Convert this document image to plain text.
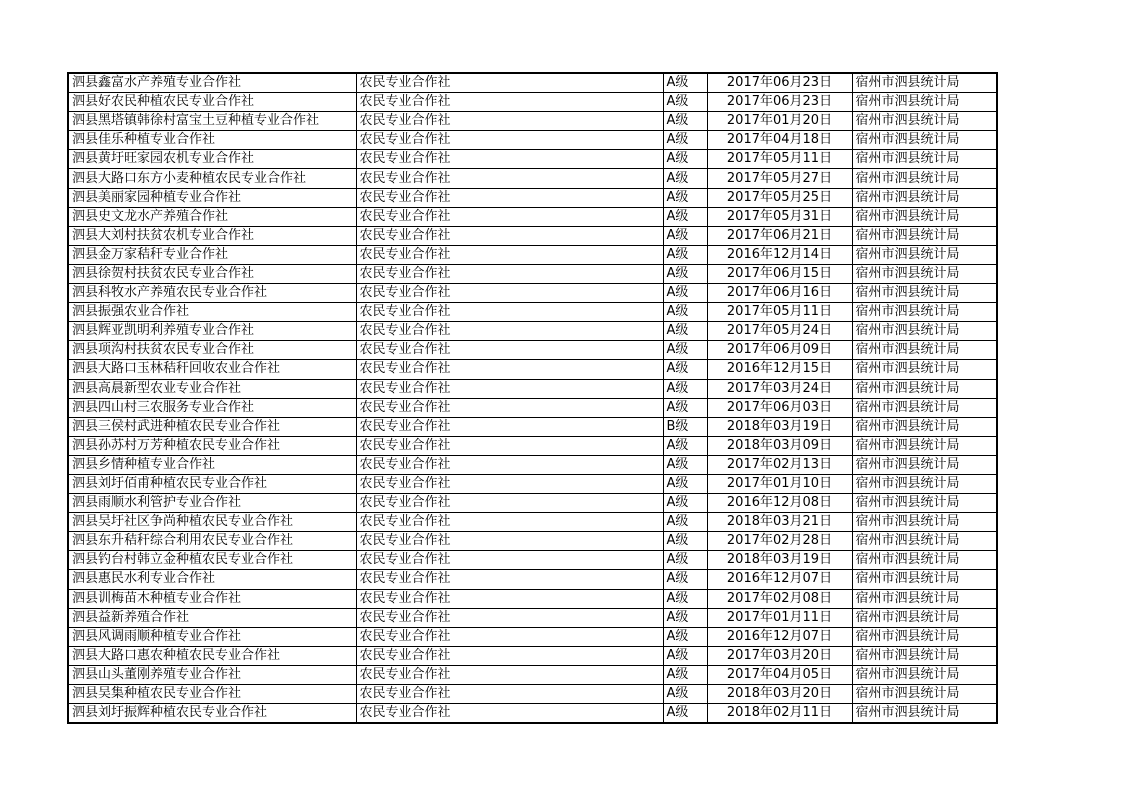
泗县鑫富水产养殖专业合作社	农民专业合作社	A级	2017年06月23日	宿州市泗县统计局
泗县好农民种植农民专业合作社	农民专业合作社	A级	2017年06月23日	宿州市泗县统计局
泗县黑塔镇韩徐村富宝土豆种植专业合作社	农民专业合作社	A级	2017年01月20日	宿州市泗县统计局
泗县佳乐种植专业合作社	农民专业合作社	A级	2017年04月18日	宿州市泗县统计局
泗县黄圩旺家园农机专业合作社	农民专业合作社	A级	2017年05月11日	宿州市泗县统计局
泗县大路口东方小麦种植农民专业合作社	农民专业合作社	A级	2017年05月27日	宿州市泗县统计局
泗县美丽家园种植专业合作社	农民专业合作社	A级	2017年05月25日	宿州市泗县统计局
泗县史文龙水产养殖合作社	农民专业合作社	A级	2017年05月31日	宿州市泗县统计局
泗县大刘村扶贫农机专业合作社	农民专业合作社	A级	2017年06月21日	宿州市泗县统计局
泗县金万家秸秆专业合作社	农民专业合作社	A级	2016年12月14日	宿州市泗县统计局
泗县徐贺村扶贫农民专业合作社	农民专业合作社	A级	2017年06月15日	宿州市泗县统计局
泗县科牧水产养殖农民专业合作社	农民专业合作社	A级	2017年06月16日	宿州市泗县统计局
泗县振强农业合作社	农民专业合作社	A级	2017年05月11日	宿州市泗县统计局
泗县辉亚凯明利养殖专业合作社	农民专业合作社	A级	2017年05月24日	宿州市泗县统计局
泗县项沟村扶贫农民专业合作社	农民专业合作社	A级	2017年06月09日	宿州市泗县统计局
泗县大路口玉林秸秆回收农业合作社	农民专业合作社	A级	2016年12月15日	宿州市泗县统计局
泗县高晨新型农业专业合作社	农民专业合作社	A级	2017年03月24日	宿州市泗县统计局
泗县四山村三农服务专业合作社	农民专业合作社	A级	2017年06月03日	宿州市泗县统计局
泗县三侯村武进种植农民专业合作社	农民专业合作社	B级	2018年03月19日	宿州市泗县统计局
泗县孙苏村万芳种植农民专业合作社	农民专业合作社	A级	2018年03月09日	宿州市泗县统计局
泗县乡情种植专业合作社	农民专业合作社	A级	2017年02月13日	宿州市泗县统计局
泗县刘圩佰甫种植农民专业合作社	农民专业合作社	A级	2017年01月10日	宿州市泗县统计局
泗县雨顺水利管护专业合作社	农民专业合作社	A级	2016年12月08日	宿州市泗县统计局
泗县吴圩社区争尚种植农民专业合作社	农民专业合作社	A级	2018年03月21日	宿州市泗县统计局
泗县东升秸秆综合利用农民专业合作社	农民专业合作社	A级	2017年02月28日	宿州市泗县统计局
泗县钓台村韩立金种植农民专业合作社	农民专业合作社	A级	2018年03月19日	宿州市泗县统计局
泗县惠民水利专业合作社	农民专业合作社	A级	2016年12月07日	宿州市泗县统计局
泗县训梅苗木种植专业合作社	农民专业合作社	A级	2017年02月08日	宿州市泗县统计局
泗县益新养殖合作社	农民专业合作社	A级	2017年01月11日	宿州市泗县统计局
泗县风调雨顺种植专业合作社	农民专业合作社	A级	2016年12月07日	宿州市泗县统计局
泗县大路口惠农种植农民专业合作社	农民专业合作社	A级	2017年03月20日	宿州市泗县统计局
泗县山头董刚养殖专业合作社	农民专业合作社	A级	2017年04月05日	宿州市泗县统计局
泗县吴集种植农民专业合作社	农民专业合作社	A级	2018年03月20日	宿州市泗县统计局
泗县刘圩振辉种植农民专业合作社	农民专业合作社	A级	2018年02月11日	宿州市泗县统计局
